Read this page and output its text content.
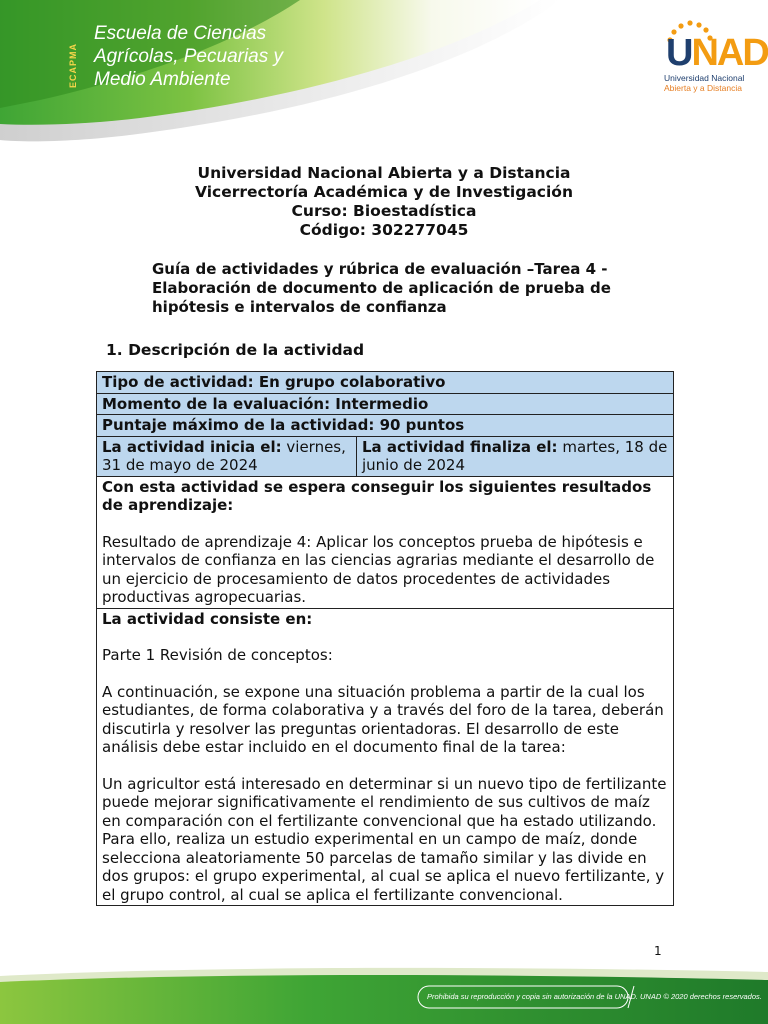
ECAPMA
Escuela de Ciencias
Agrícolas, Pecuarias y
Medio Ambiente
UNAD
Universidad Nacional
Abierta y a Distancia
Universidad Nacional Abierta y a Distancia
Vicerrectoría Académica y de Investigación
Curso: Bioestadística
Código: 302277045
Guía de actividades y rúbrica de evaluación –Tarea 4 -
Elaboración de documento de aplicación de prueba de
hipótesis e intervalos de confianza
1. Descripción de la actividad
Tipo de actividad: En grupo colaborativo
Momento de la evaluación: Intermedio
Puntaje máximo de la actividad: 90 puntos
La actividad inicia el: viernes, 31 de mayo de 2024	La actividad finaliza el: martes, 18 de junio de 2024

Con esta actividad se espera conseguir los siguientes resultados de aprendizaje:

Resultado de aprendizaje 4: Aplicar los conceptos prueba de hipótesis e intervalos de confianza en las ciencias agrarias mediante el desarrollo de un ejercicio de procesamiento de datos procedentes de actividades productivas agropecuarias.

La actividad consiste en:

Parte 1 Revisión de conceptos:

A continuación, se expone una situación problema a partir de la cual los estudiantes, de forma colaborativa y a través del foro de la tarea, deberán discutirla y resolver las preguntas orientadoras. El desarrollo de este análisis debe estar incluido en el documento final de la tarea:

Un agricultor está interesado en determinar si un nuevo tipo de fertilizante puede mejorar significativamente el rendimiento de sus cultivos de maíz en comparación con el fertilizante convencional que ha estado utilizando. Para ello, realiza un estudio experimental en un campo de maíz, donde selecciona aleatoriamente 50 parcelas de tamaño similar y las divide en dos grupos: el grupo experimental, al cual se aplica el nuevo fertilizante, y el grupo control, al cual se aplica el fertilizante convencional.

1
Prohibida su reproducción y copia sin autorización de la UNAD. UNAD © 2020 derechos reservados.
